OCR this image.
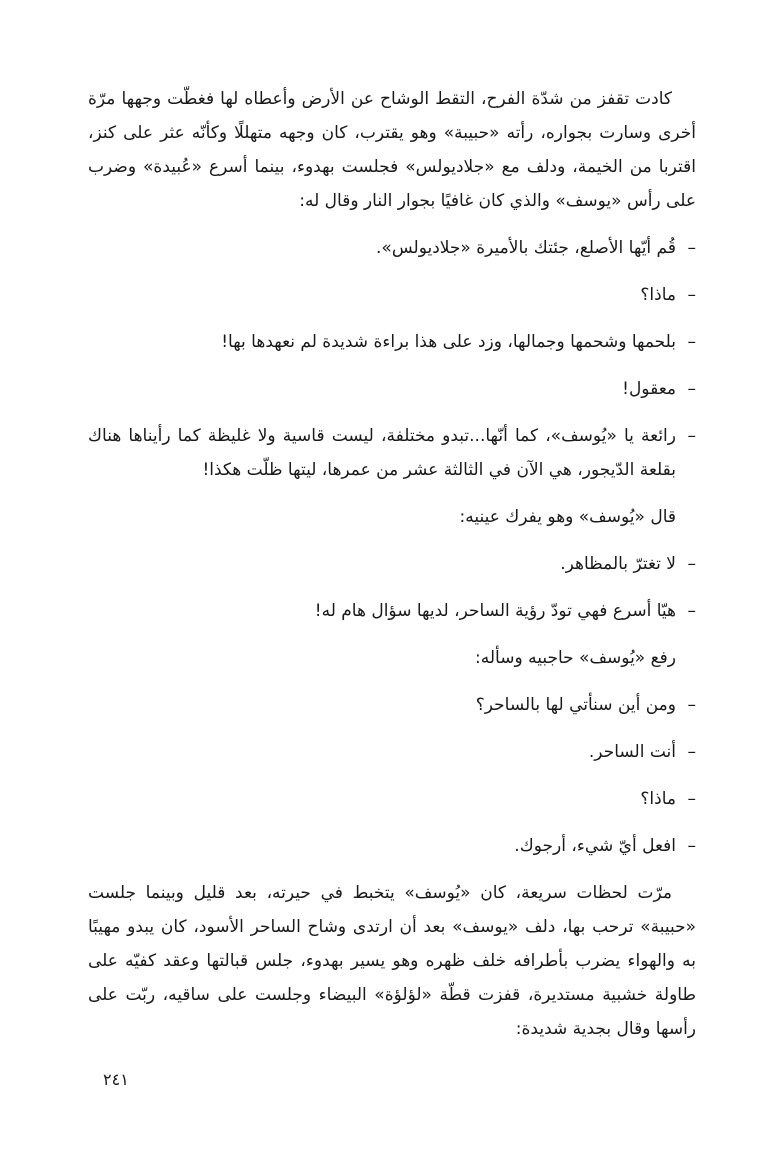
كادت تقفز من شدّة الفرح، التقط الوشاح عن الأرض وأعطاه لها فغطّت وجهها مرّة أخرى وسارت بجواره، رأته «حبيبة» وهو يقترب، كان وجهه متهللًا وكأنّه عثر على كنز، اقتربا من الخيمة، ودلف مع «جلاديولس» فجلست بهدوء، بينما أسرع «عُبيدة» وضرب على رأس «يوسف» والذي كان غافيًا بجوار النار وقال له:

–
قُم أيّها الأصلع، جئتك بالأميرة «جلاديولس».
–
ماذا؟
–
بلحمها وشحمها وجمالها، وزد على هذا براءة شديدة لم نعهدها بها!
–
معقول!
–
رائعة يا «يُوسف»، كما أنّها...تبدو مختلفة، ليست قاسية ولا غليظة كما رأيناها هناك بقلعة الدّيجور، هي الآن في الثالثة عشر من عمرها، ليتها ظلّت هكذا!

قال «يُوسف» وهو يفرك عينيه:

–
لا تغترّ بالمظاهر.
–
هيّا أسرع فهي تودّ رؤية الساحر، لديها سؤال هام له!

رفع «يُوسف» حاجبيه وسأله:

–
ومن أين سنأتي لها بالساحر؟
–
أنت الساحر.
–
ماذا؟
–
افعل أيّ شيء، أرجوك.

مرّت لحظات سريعة، كان «يُوسف» يتخبط في حيرته، بعد قليل وبينما جلست «حبيبة» ترحب بها، دلف «يوسف» بعد أن ارتدى وشاح الساحر الأسود، كان يبدو مهيبًا به والهواء يضرب بأطرافه خلف ظهره وهو يسير بهدوء، جلس قبالتها وعقد كفيّه على طاولة خشبية مستديرة، قفزت قطّة «لؤلؤة» البيضاء وجلست على ساقيه، ربّت على رأسها وقال بجدية شديدة:

٢٤١
